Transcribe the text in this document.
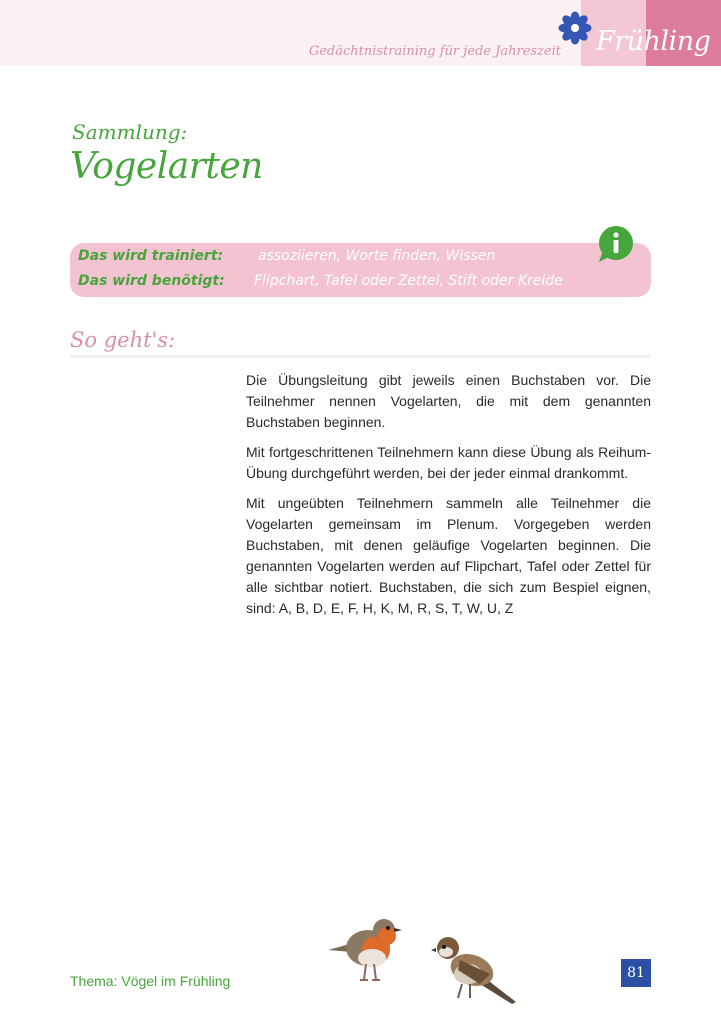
Gedächtnistraining für jede Jahreszeit Frühling
Sammlung:
Vogelarten
Das wird trainiert: assoziieren, Worte finden, Wissen
Das wird benötigt: Flipchart, Tafel oder Zettel, Stift oder Kreide
So geht's:

Die Übungsleitung gibt jeweils einen Buchstaben vor. Die Teilnehmer nennen Vogelarten, die mit dem genannten Buchstaben beginnen.

Mit fortgeschrittenen Teilnehmern kann diese Übung als Reihum-Übung durchgeführt werden, bei der jeder einmal drankommt.

Mit ungeübten Teilnehmern sammeln alle Teilnehmer die Vogelarten gemeinsam im Plenum. Vorgegeben werden Buchstaben, mit denen geläufige Vogelarten beginnen. Die genannten Vogelarten werden auf Flipchart, Tafel oder Zettel für alle sichtbar notiert. Buchstaben, die sich zum Bespiel eignen, sind: A, B, D, E, F, H, K, M, R, S, T, W, U, Z

Thema: Vögel im Frühling	81
